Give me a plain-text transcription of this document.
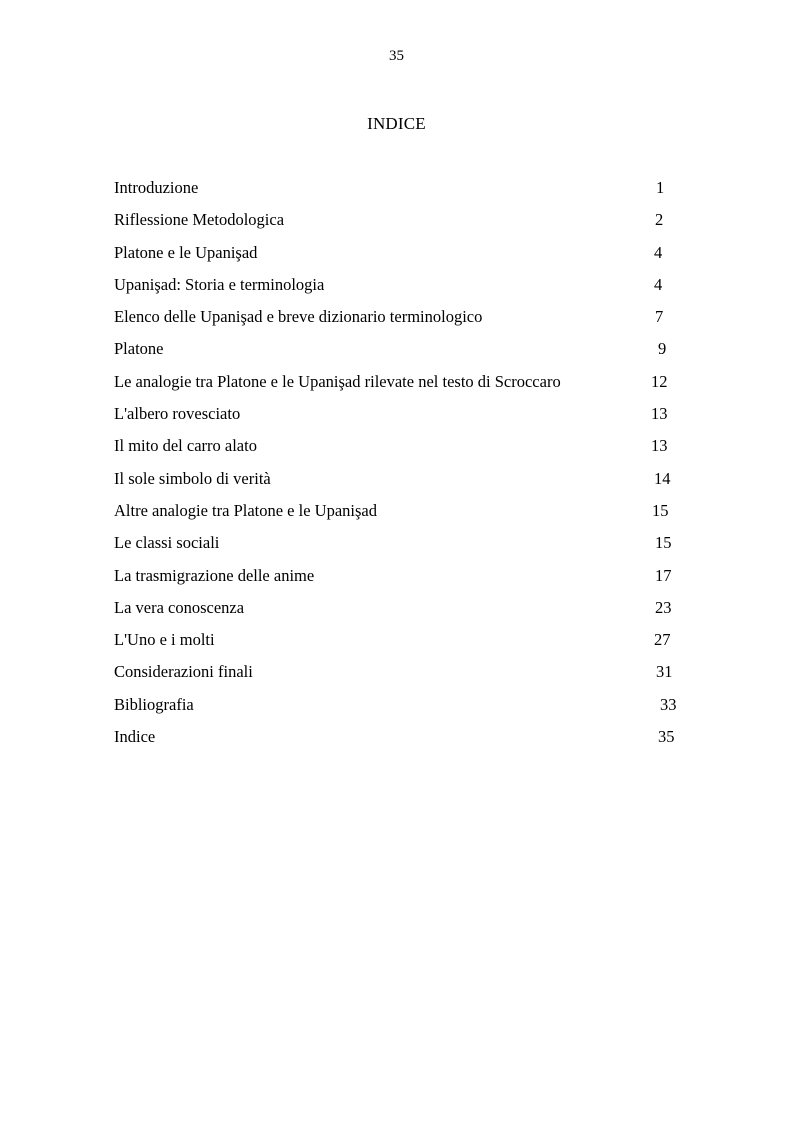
35
INDICE
Introduzione	1
Riflessione Metodologica	2
Platone e le Upanişad	4
Upanişad: Storia e terminologia	4
Elenco delle Upanişad e breve dizionario terminologico	7
Platone	9
Le analogie tra Platone e le Upanişad rilevate nel testo di Scroccaro	12
L'albero rovesciato	13
Il mito del carro alato	13
Il sole simbolo di verità	14
Altre analogie tra Platone e le Upanişad	15
Le classi sociali	15
La trasmigrazione delle anime	17
La vera conoscenza	23
L'Uno e i molti	27
Considerazioni finali	31
Bibliografia	33
Indice	35
